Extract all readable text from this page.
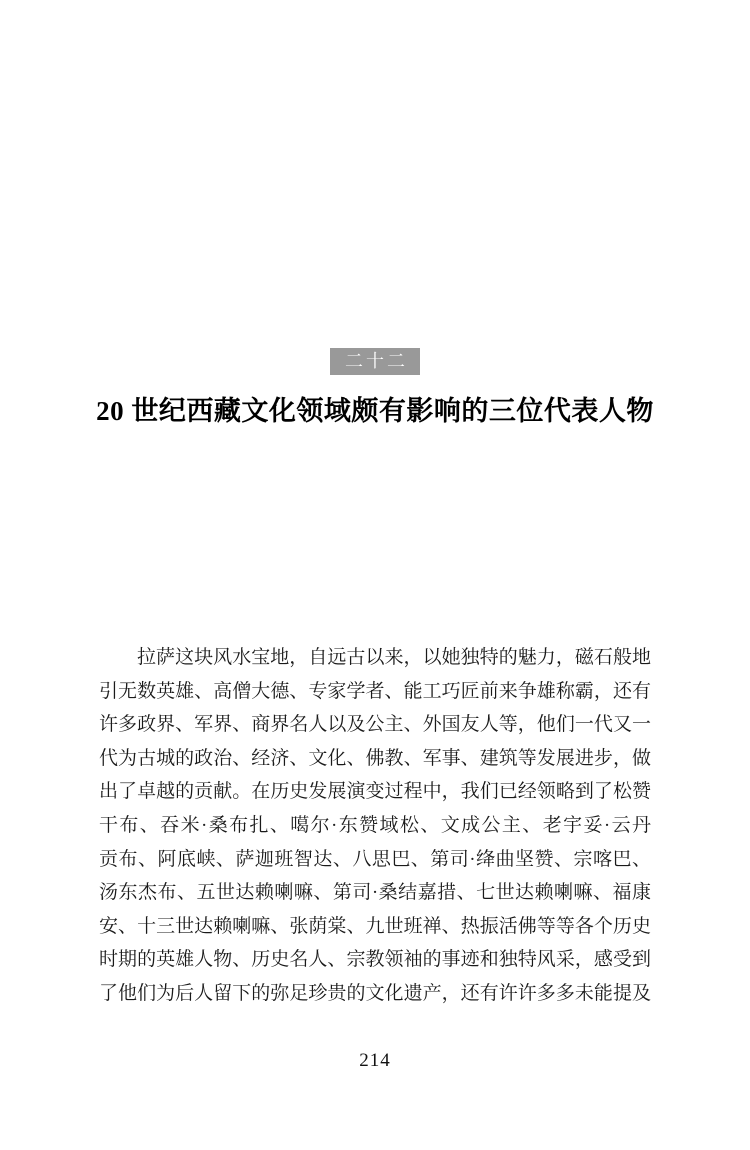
二十二
20 世纪西藏文化领域颇有影响的三位代表人物
拉萨这块风水宝地，自远古以来，以她独特的魅力，磁石般地
引无数英雄、高僧大德、专家学者、能工巧匠前来争雄称霸，还有
许多政界、军界、商界名人以及公主、外国友人等，他们一代又一
代为古城的政治、经济、文化、佛教、军事、建筑等发展进步，做
出了卓越的贡献。在历史发展演变过程中，我们已经领略到了松赞
干布、吞米·桑布扎、噶尔·东赞域松、文成公主、老宇妥·云丹
贡布、阿底峡、萨迦班智达、八思巴、第司·绛曲坚赞、宗喀巴、
汤东杰布、五世达赖喇嘛、第司·桑结嘉措、七世达赖喇嘛、福康
安、十三世达赖喇嘛、张荫棠、九世班禅、热振活佛等等各个历史
时期的英雄人物、历史名人、宗教领袖的事迹和独特风采，感受到
了他们为后人留下的弥足珍贵的文化遗产，还有许许多多未能提及
214
